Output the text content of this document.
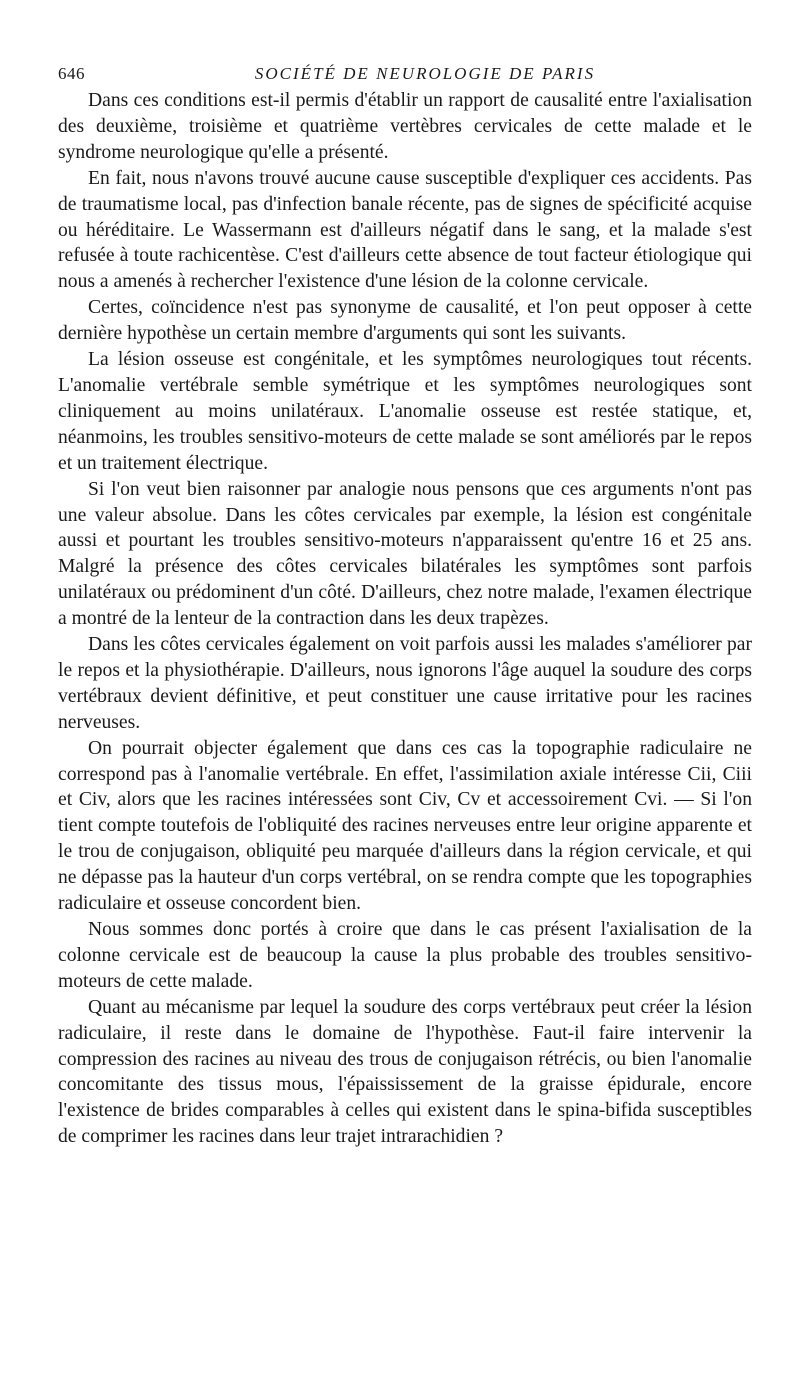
646	SOCIÉTÉ DE NEUROLOGIE DE PARIS

Dans ces conditions est-il permis d'établir un rapport de causalité entre l'axialisation des deuxième, troisième et quatrième vertèbres cervicales de cette malade et le syndrome neurologique qu'elle a présenté.

En fait, nous n'avons trouvé aucune cause susceptible d'expliquer ces accidents. Pas de traumatisme local, pas d'infection banale récente, pas de signes de spécificité acquise ou héréditaire. Le Wassermann est d'ailleurs négatif dans le sang, et la malade s'est refusée à toute rachicentèse. C'est d'ailleurs cette absence de tout facteur étiologique qui nous a amenés à rechercher l'existence d'une lésion de la colonne cervicale.

Certes, coïncidence n'est pas synonyme de causalité, et l'on peut opposer à cette dernière hypothèse un certain membre d'arguments qui sont les suivants.

La lésion osseuse est congénitale, et les symptômes neurologiques tout récents. L'anomalie vertébrale semble symétrique et les symptômes neurologiques sont cliniquement au moins unilatéraux. L'anomalie osseuse est restée statique, et, néanmoins, les troubles sensitivo-moteurs de cette malade se sont améliorés par le repos et un traitement électrique.

Si l'on veut bien raisonner par analogie nous pensons que ces arguments n'ont pas une valeur absolue. Dans les côtes cervicales par exemple, la lésion est congénitale aussi et pourtant les troubles sensitivo-moteurs n'apparaissent qu'entre 16 et 25 ans. Malgré la présence des côtes cervicales bilatérales les symptômes sont parfois unilatéraux ou prédominent d'un côté. D'ailleurs, chez notre malade, l'examen électrique a montré de la lenteur de la contraction dans les deux trapèzes.

Dans les côtes cervicales également on voit parfois aussi les malades s'améliorer par le repos et la physiothérapie. D'ailleurs, nous ignorons l'âge auquel la soudure des corps vertébraux devient définitive, et peut constituer une cause irritative pour les racines nerveuses.

On pourrait objecter également que dans ces cas la topographie radiculaire ne correspond pas à l'anomalie vertébrale. En effet, l'assimilation axiale intéresse Cii, Ciii et Civ, alors que les racines intéressées sont Civ, Cv et accessoirement Cvi. — Si l'on tient compte toutefois de l'obliquité des racines nerveuses entre leur origine apparente et le trou de conjugaison, obliquité peu marquée d'ailleurs dans la région cervicale, et qui ne dépasse pas la hauteur d'un corps vertébral, on se rendra compte que les topographies radiculaire et osseuse concordent bien.

Nous sommes donc portés à croire que dans le cas présent l'axialisation de la colonne cervicale est de beaucoup la cause la plus probable des troubles sensitivo-moteurs de cette malade.

Quant au mécanisme par lequel la soudure des corps vertébraux peut créer la lésion radiculaire, il reste dans le domaine de l'hypothèse. Faut-il faire intervenir la compression des racines au niveau des trous de conjugaison rétrécis, ou bien l'anomalie concomitante des tissus mous, l'épaississement de la graisse épidurale, encore l'existence de brides comparables à celles qui existent dans le spina-bifida susceptibles de comprimer les racines dans leur trajet intrarachidien ?
